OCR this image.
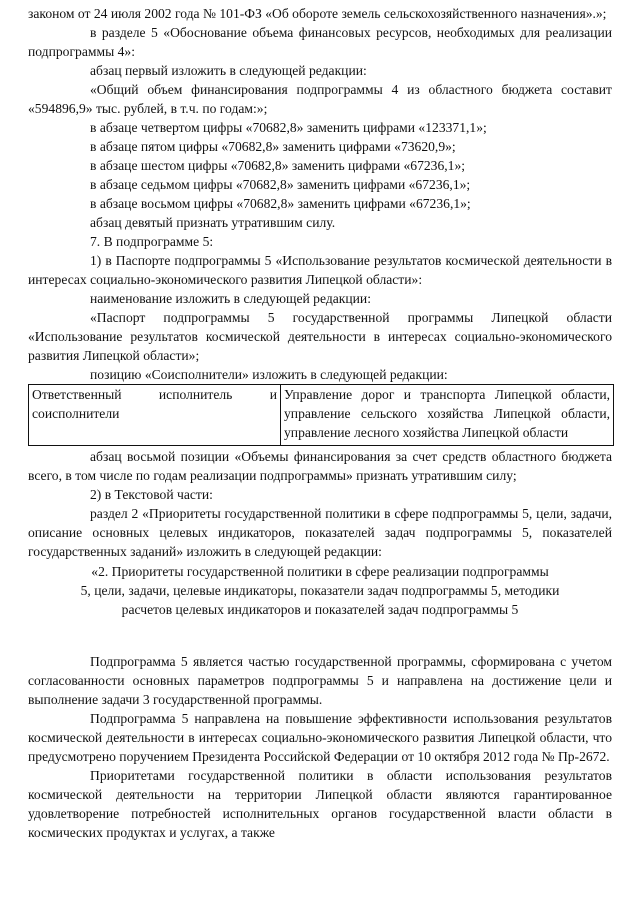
законом от 24 июля 2002 года № 101-ФЗ «Об обороте земель сельскохозяйственного назначения».»;

в разделе 5 «Обоснование объема финансовых ресурсов, необходимых для реализации подпрограммы 4»:

абзац первый изложить в следующей редакции:

«Общий объем финансирования подпрограммы 4 из областного бюджета составит «594896,9» тыс. рублей, в т.ч. по годам:»;

в абзаце четвертом цифры «70682,8» заменить цифрами «123371,1»;

в абзаце пятом цифры «70682,8» заменить цифрами «73620,9»;

в абзаце шестом цифры «70682,8» заменить цифрами «67236,1»;

в абзаце седьмом цифры «70682,8» заменить цифрами «67236,1»;

в абзаце восьмом цифры «70682,8» заменить цифрами «67236,1»;

абзац девятый признать утратившим силу.

7. В подпрограмме 5:

1) в Паспорте подпрограммы 5 «Использование результатов космической деятельности в интересах социально-экономического развития Липецкой области»:

наименование изложить в следующей редакции:

«Паспорт подпрограммы 5 государственной программы Липецкой области «Использование результатов космической деятельности в интересах социально-экономического развития Липецкой области»;

позицию «Соисполнители» изложить в следующей редакции:

Ответственный исполнитель и
соисполнители
	Управление дорог и транспорта Липецкой области, управление сельского хозяйства Липецкой области, управление лесного хозяйства Липецкой области

абзац восьмой позиции «Объемы финансирования за счет средств областного бюджета всего, в том числе по годам реализации подпрограммы» признать утратившим силу;

2) в Текстовой части:

раздел 2 «Приоритеты государственной политики в сфере подпрограммы 5, цели, задачи, описание основных целевых индикаторов, показателей задач подпрограммы 5, показателей государственных заданий» изложить в следующей редакции:

«2. Приоритеты государственной политики в сфере реализации подпрограммы
5, цели, задачи, целевые индикаторы, показатели задач подпрограммы 5, методики
расчетов целевых индикаторов и показателей задач подпрограммы 5

Подпрограмма 5 является частью государственной программы, сформирована с учетом согласованности основных параметров подпрограммы 5 и направлена на достижение цели и выполнение задачи 3 государственной программы.

Подпрограмма 5 направлена на повышение эффективности использования результатов космической деятельности в интересах социально-экономического развития Липецкой области, что предусмотрено поручением Президента Российской Федерации от 10 октября 2012 года № Пр-2672.

Приоритетами государственной политики в области использования результатов космической деятельности на территории Липецкой области являются гарантированное удовлетворение потребностей исполнительных органов государственной власти области в космических продуктах и услугах, а также
